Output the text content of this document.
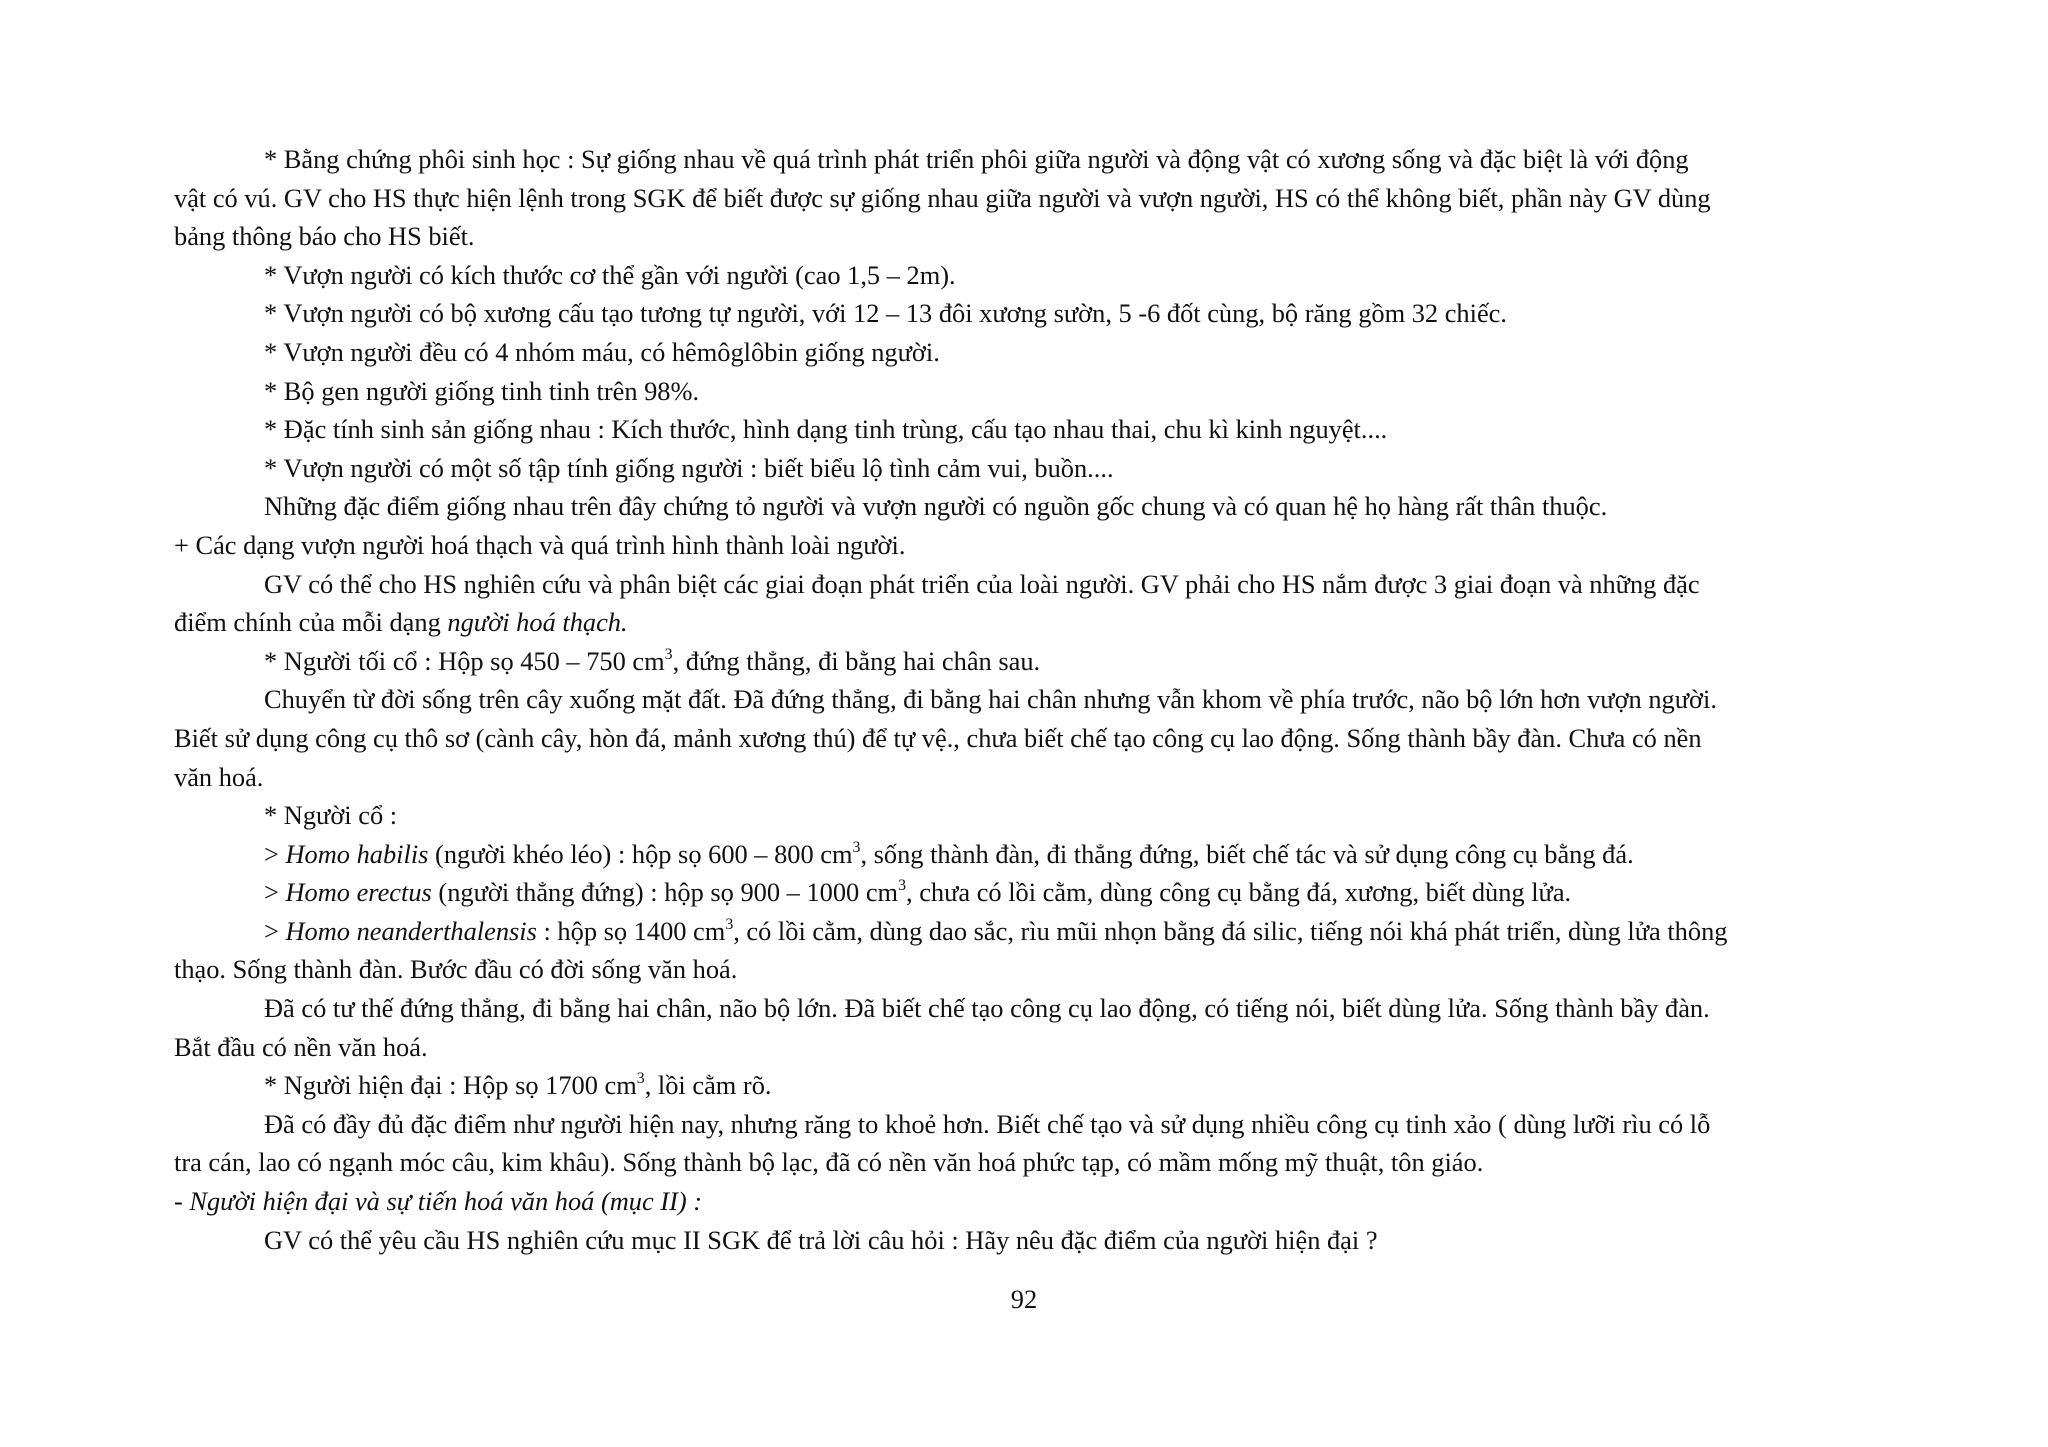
* Bằng chứng phôi sinh học : Sự giống nhau về quá trình phát triển phôi giữa người và động vật có xương sống và đặc biệt là với động
vật có vú. GV cho HS thực hiện lệnh trong SGK để biết được sự giống nhau giữa người và vượn người, HS có thể không biết, phần này GV dùng
bảng thông báo cho HS biết.
* Vượn người có kích thước cơ thể gần với người (cao 1,5 – 2m).
* Vượn người có bộ xương cấu tạo tương tự người, với 12 – 13 đôi xương sườn, 5 -6 đốt cùng, bộ răng gồm 32 chiếc.
* Vượn người đều có 4 nhóm máu, có hêmôglôbin giống người.
* Bộ gen người giống tinh tinh trên 98%.
* Đặc tính sinh sản giống nhau : Kích thước, hình dạng tinh trùng, cấu tạo nhau thai, chu kì kinh nguyệt....
* Vượn người có một số tập tính giống người : biết biểu lộ tình cảm vui, buồn....
Những đặc điểm giống nhau trên đây chứng tỏ người và vượn người có nguồn gốc chung và có quan hệ họ hàng rất thân thuộc.
+ Các dạng vượn người hoá thạch và quá trình hình thành loài người.
GV có thể cho HS nghiên cứu và phân biệt các giai đoạn phát triển của loài người. GV phải cho HS nắm được 3 giai đoạn và những đặc
điểm chính của mỗi dạng người hoá thạch.
* Người tối cổ : Hộp sọ 450 – 750 $cm^3$, đứng thẳng, đi bằng hai chân sau.
Chuyển từ đời sống trên cây xuống mặt đất. Đã đứng thẳng, đi bằng hai chân nhưng vẫn khom về phía trước, não bộ lớn hơn vượn người.
Biết sử dụng công cụ thô sơ (cành cây, hòn đá, mảnh xương thú) để tự vệ., chưa biết chế tạo công cụ lao động. Sống thành bầy đàn. Chưa có nền
văn hoá.
* Người cổ :
> Homo habilis (người khéo léo) : hộp sọ 600 – 800 $cm^3$, sống thành đàn, đi thẳng đứng, biết chế tác và sử dụng công cụ bằng đá.
> Homo erectus (người thẳng đứng) : hộp sọ 900 – 1000 $cm^3$, chưa có lồi cằm, dùng công cụ bằng đá, xương, biết dùng lửa.
> Homo neanderthalensis : hộp sọ 1400 $cm^3$, có lồi cằm, dùng dao sắc, rìu mũi nhọn bằng đá silic, tiếng nói khá phát triển, dùng lửa thông
thạo. Sống thành đàn. Bước đầu có đời sống văn hoá.
Đã có tư thế đứng thẳng, đi bằng hai chân, não bộ lớn. Đã biết chế tạo công cụ lao động, có tiếng nói, biết dùng lửa. Sống thành bầy đàn.
Bắt đầu có nền văn hoá.
* Người hiện đại : Hộp sọ 1700 $cm^3$, lồi cằm rõ.
Đã có đầy đủ đặc điểm như người hiện nay, nhưng răng to khoẻ hơn. Biết chế tạo và sử dụng nhiều công cụ tinh xảo ( dùng lưỡi rìu có lỗ
tra cán, lao có ngạnh móc câu, kim khâu). Sống thành bộ lạc, đã có nền văn hoá phức tạp, có mầm mống mỹ thuật, tôn giáo.
- Người hiện đại và sự tiến hoá văn hoá (mục II) :
GV có thể yêu cầu HS nghiên cứu mục II SGK để trả lời câu hỏi : Hãy nêu đặc điểm của người hiện đại ?
92
